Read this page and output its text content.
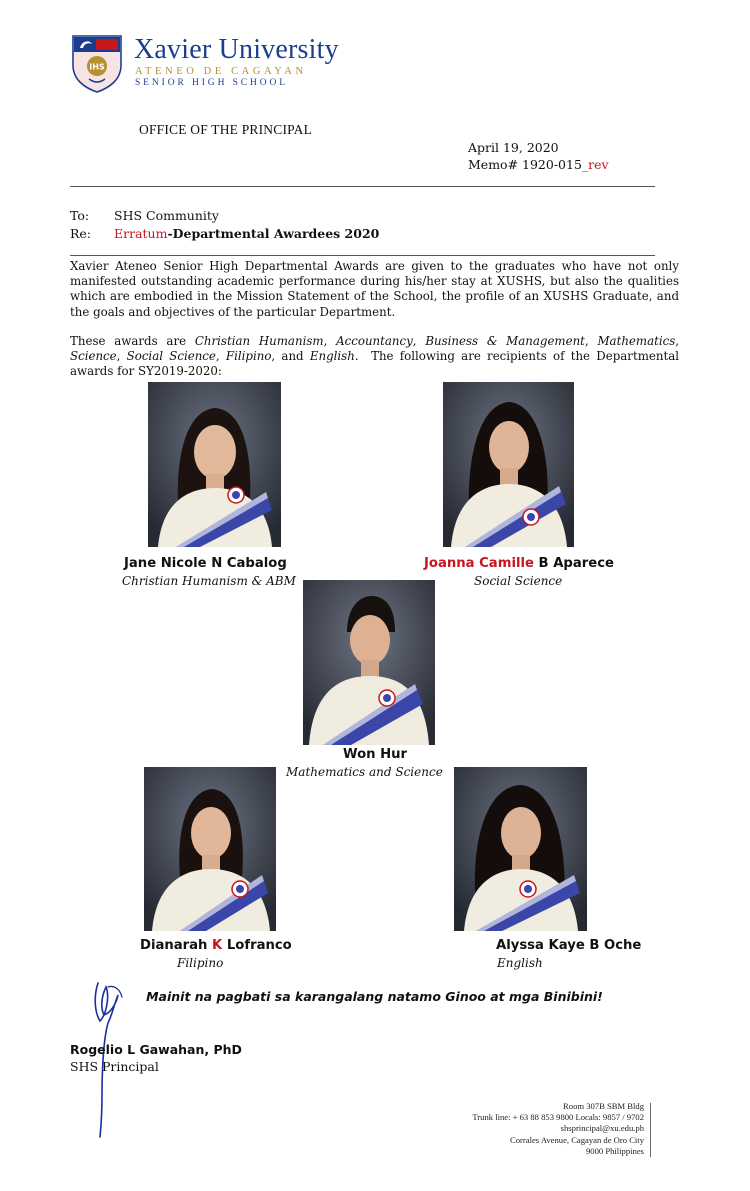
IHS
Xavier University
ATENEO DE CAGAYAN
SENIOR HIGH SCHOOL
OFFICE OF THE PRINCIPAL
April 19, 2020
Memo# 1920-015_rev
To: SHS Community
Re: Erratum-Departmental Awardees 2020
Xavier Ateneo Senior High Departmental Awards are given to the graduates who have not only manifested outstanding academic performance during his/her stay at XUSHS, but also the qualities which are embodied in the Mission Statement of the School, the profile of an XUSHS Graduate, and the goals and objectives of the particular Department.
These awards are Christian Humanism, Accountancy, Business & Management, Mathematics, Science, Social Science, Filipino, and English.  The following are recipients of the Departmental awards for SY2019-2020:
Jane Nicole N Cabalog
Christian Humanism & ABM
Joanna Camille B Aparece
Social Science
Won Hur
Mathematics and Science
Dianarah K Lofranco
Filipino
Alyssa Kaye B Oche
English
Mainit na pagbati sa karangalang natamo Ginoo at mga Binibini!
Rogelio L Gawahan, PhD
SHS Principal
Room 307B SBM Bldg
Trunk line: + 63 88 853 9800 Locals: 9857 / 9702
shsprincipal@xu.edu.ph
Corrales Avenue, Cagayan de Oro City
9000 Philippines
